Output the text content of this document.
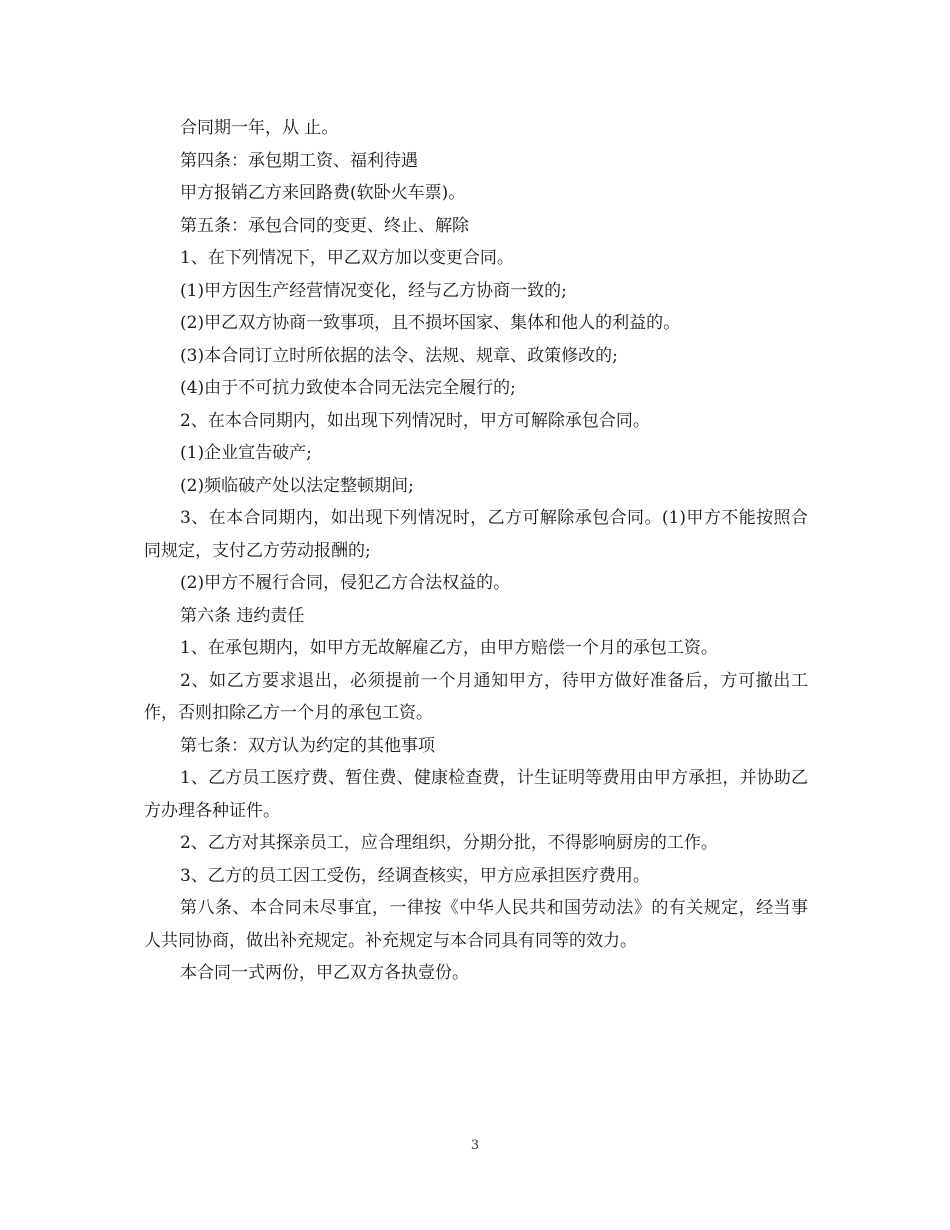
合同期一年，从 止。

第四条：承包期工资、福利待遇

甲方报销乙方来回路费(软卧火车票)。

第五条：承包合同的变更、终止、解除

1、在下列情况下，甲乙双方加以变更合同。

(1)甲方因生产经营情况变化，经与乙方协商一致的;

(2)甲乙双方协商一致事项，且不损坏国家、集体和他人的利益的。

(3)本合同订立时所依据的法令、法规、规章、政策修改的;

(4)由于不可抗力致使本合同无法完全履行的;

2、在本合同期内，如出现下列情况时，甲方可解除承包合同。

(1)企业宣告破产;

(2)频临破产处以法定整顿期间;

3、在本合同期内，如出现下列情况时，乙方可解除承包合同。(1)甲方不能按照合同规定，支付乙方劳动报酬的;

(2)甲方不履行合同，侵犯乙方合法权益的。

第六条 违约责任

1、在承包期内，如甲方无故解雇乙方，由甲方赔偿一个月的承包工资。

2、如乙方要求退出，必须提前一个月通知甲方，待甲方做好准备后，方可撤出工作，否则扣除乙方一个月的承包工资。

第七条：双方认为约定的其他事项

1、乙方员工医疗费、暂住费、健康检查费，计生证明等费用由甲方承担，并协助乙方办理各种证件。

2、乙方对其探亲员工，应合理组织，分期分批，不得影响厨房的工作。

3、乙方的员工因工受伤，经调查核实，甲方应承担医疗费用。

第八条、本合同未尽事宜，一律按《中华人民共和国劳动法》的有关规定，经当事人共同协商，做出补充规定。补充规定与本合同具有同等的效力。

本合同一式两份，甲乙双方各执壹份。

3
